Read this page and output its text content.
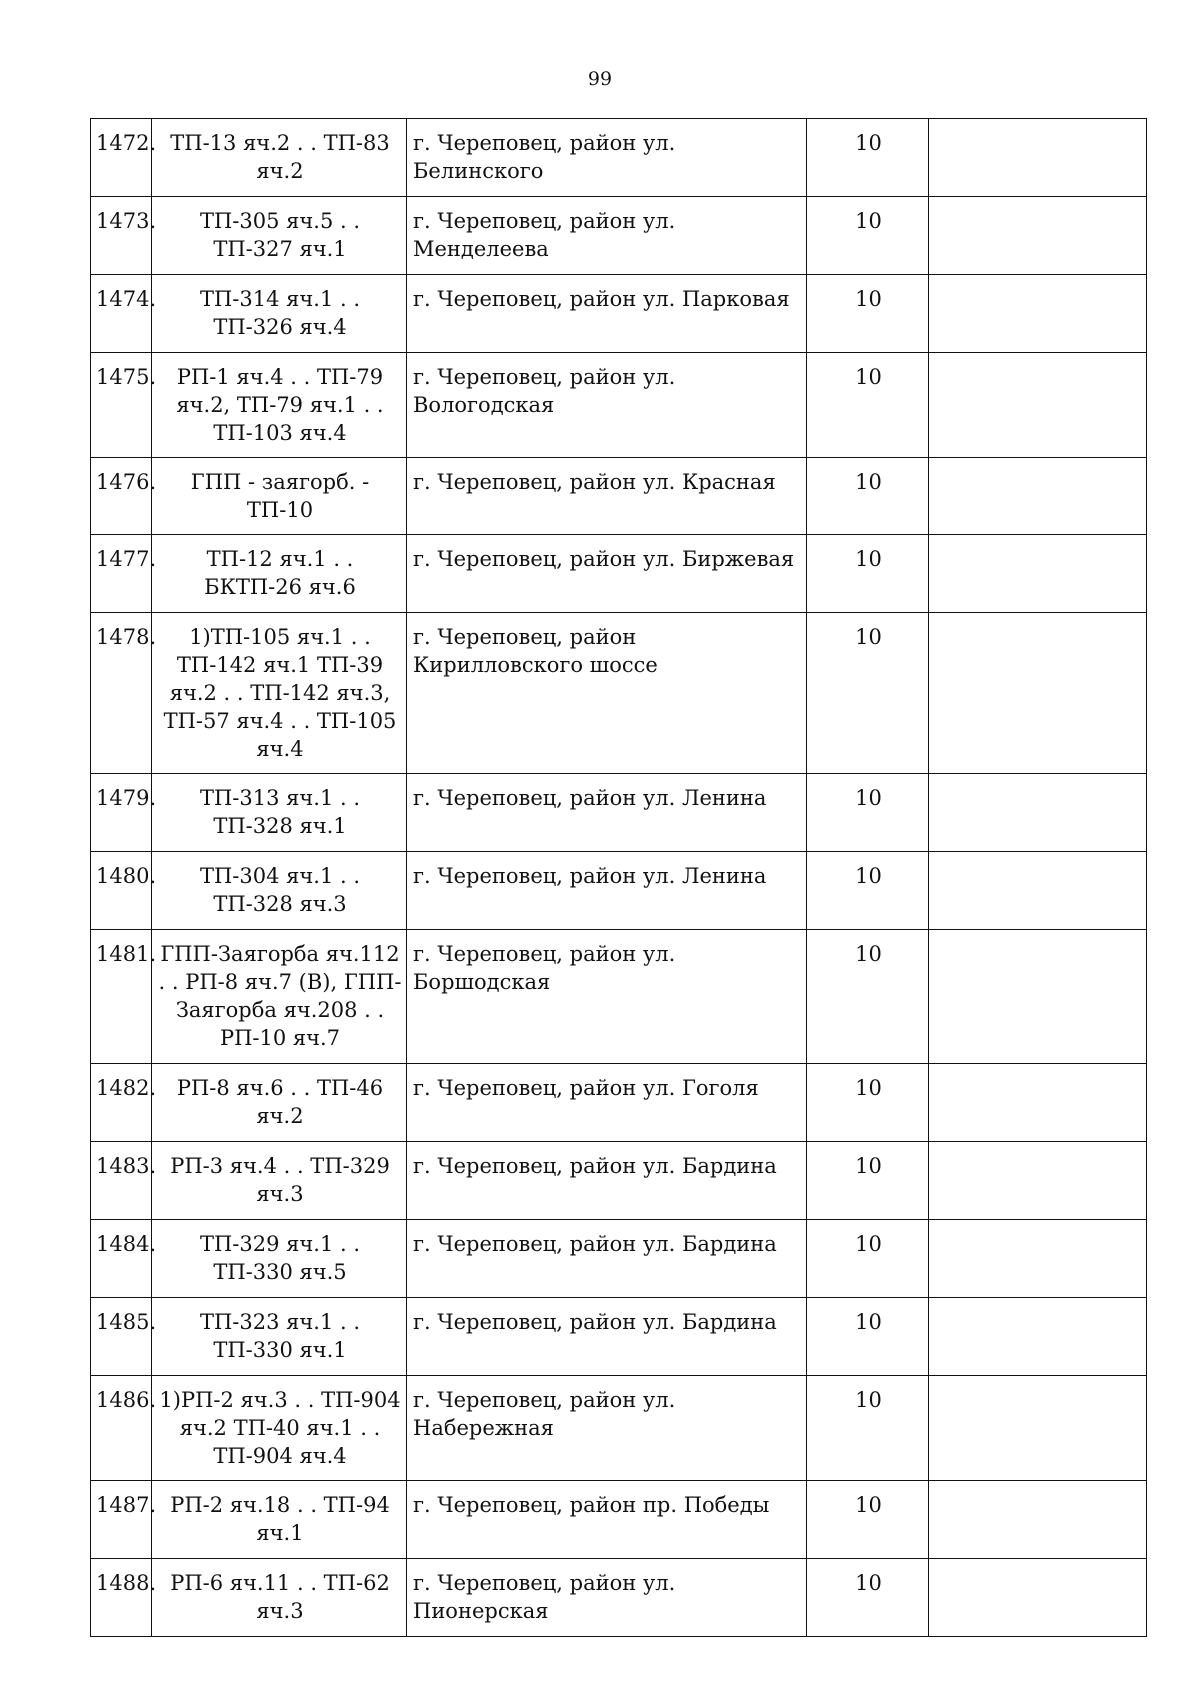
99
1472.	ТП-13 яч.2 . . ТП-83 яч.2	г. Череповец, район ул. Белинского	10	
1473.	ТП-305 яч.5 . . ТП-327 яч.1	г. Череповец, район ул. Менделеева	10	
1474.	ТП-314 яч.1 . . ТП-326 яч.4	г. Череповец, район ул. Парковая	10	
1475.	РП-1 яч.4 . . ТП-79 яч.2, ТП-79 яч.1 . . ТП-103 яч.4	г. Череповец, район ул. Вологодская	10	
1476.	ГПП - заягорб. - ТП-10	г. Череповец, район ул. Красная	10	
1477.	ТП-12 яч.1 . . БКТП-26 яч.6	г. Череповец, район ул. Биржевая	10	
1478.	1)ТП-105 яч.1 . . ТП-142 яч.1 ТП-39 яч.2 . . ТП-142 яч.3, ТП-57 яч.4 . . ТП-105 яч.4	г. Череповец, район Кирилловского шоссе	10	
1479.	ТП-313 яч.1 . . ТП-328 яч.1	г. Череповец, район ул. Ленина	10	
1480.	ТП-304 яч.1 . . ТП-328 яч.3	г. Череповец, район ул. Ленина	10	
1481.	ГПП-Заягорба яч.112 . . РП-8 яч.7 (В), ГПП-Заягорба яч.208 . . РП-10 яч.7	г. Череповец, район ул. Боршодская	10	
1482.	РП-8 яч.6 . . ТП-46 яч.2	г. Череповец, район ул. Гоголя	10	
1483.	РП-3 яч.4 . . ТП-329 яч.3	г. Череповец, район ул. Бардина	10	
1484.	ТП-329 яч.1 . . ТП-330 яч.5	г. Череповец, район ул. Бардина	10	
1485.	ТП-323 яч.1 . . ТП-330 яч.1	г. Череповец, район ул. Бардина	10	
1486.	1)РП-2 яч.3 . . ТП-904 яч.2 ТП-40 яч.1 . . ТП-904 яч.4	г. Череповец, район ул. Набережная	10	
1487.	РП-2 яч.18 . . ТП-94 яч.1	г. Череповец, район пр. Победы	10	
1488.	РП-6 яч.11 . . ТП-62 яч.3	г. Череповец, район ул. Пионерская	10	
